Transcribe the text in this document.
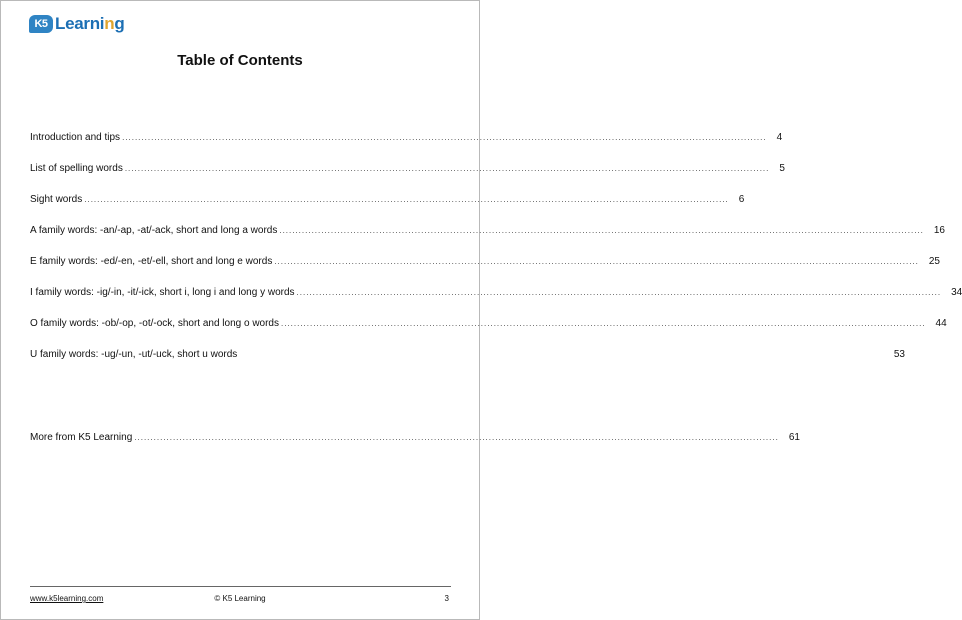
K5 Learning
Table of Contents
Introduction and tips ........................................................................................................................................................................................................ 4
List of spelling words ........................................................................................................................................................................................................ 5
Sight words ........................................................................................................................................................................................................ 6
A family words: -an/-ap, -at/-ack, short and long a words ........................................................................................................................................................................................................ 16
E family words: -ed/-en, -et/-ell, short and long e words ........................................................................................................................................................................................................ 25
I family words: -ig/-in, -it/-ick, short i, long i and long y words ........................................................................................................................................................................................................ 34
O family words: -ob/-op, -ot/-ock, short and long o words ........................................................................................................................................................................................................ 44
U family words: -ug/-un, -ut/-uck, short u words	53
More from K5 Learning ........................................................................................................................................................................................................ 61
www.k5learning.com	© K5 Learning	3
